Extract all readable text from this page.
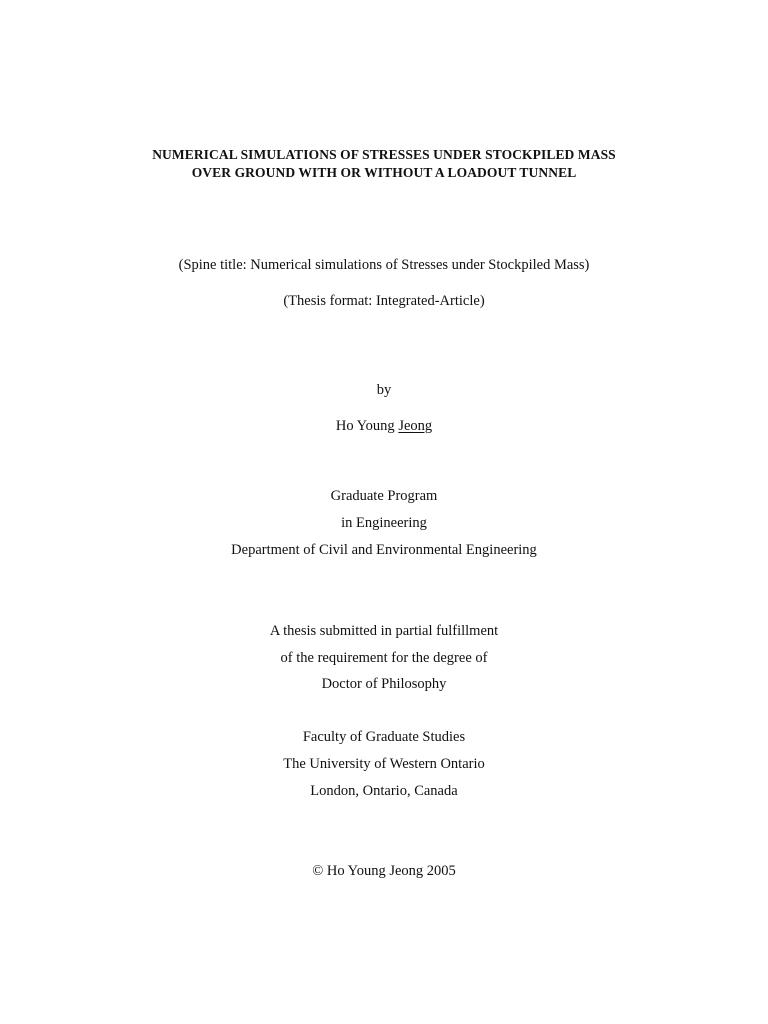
NUMERICAL SIMULATIONS OF STRESSES UNDER STOCKPILED MASS
OVER GROUND WITH OR WITHOUT A LOADOUT TUNNEL
(Spine title: Numerical simulations of Stresses under Stockpiled Mass)
(Thesis format: Integrated-Article)
by
Ho Young Jeong
Graduate Program
in Engineering
Department of Civil and Environmental Engineering
A thesis submitted in partial fulfillment
of the requirement for the degree of
Doctor of Philosophy
Faculty of Graduate Studies
The University of Western Ontario
London, Ontario, Canada
© Ho Young Jeong 2005
